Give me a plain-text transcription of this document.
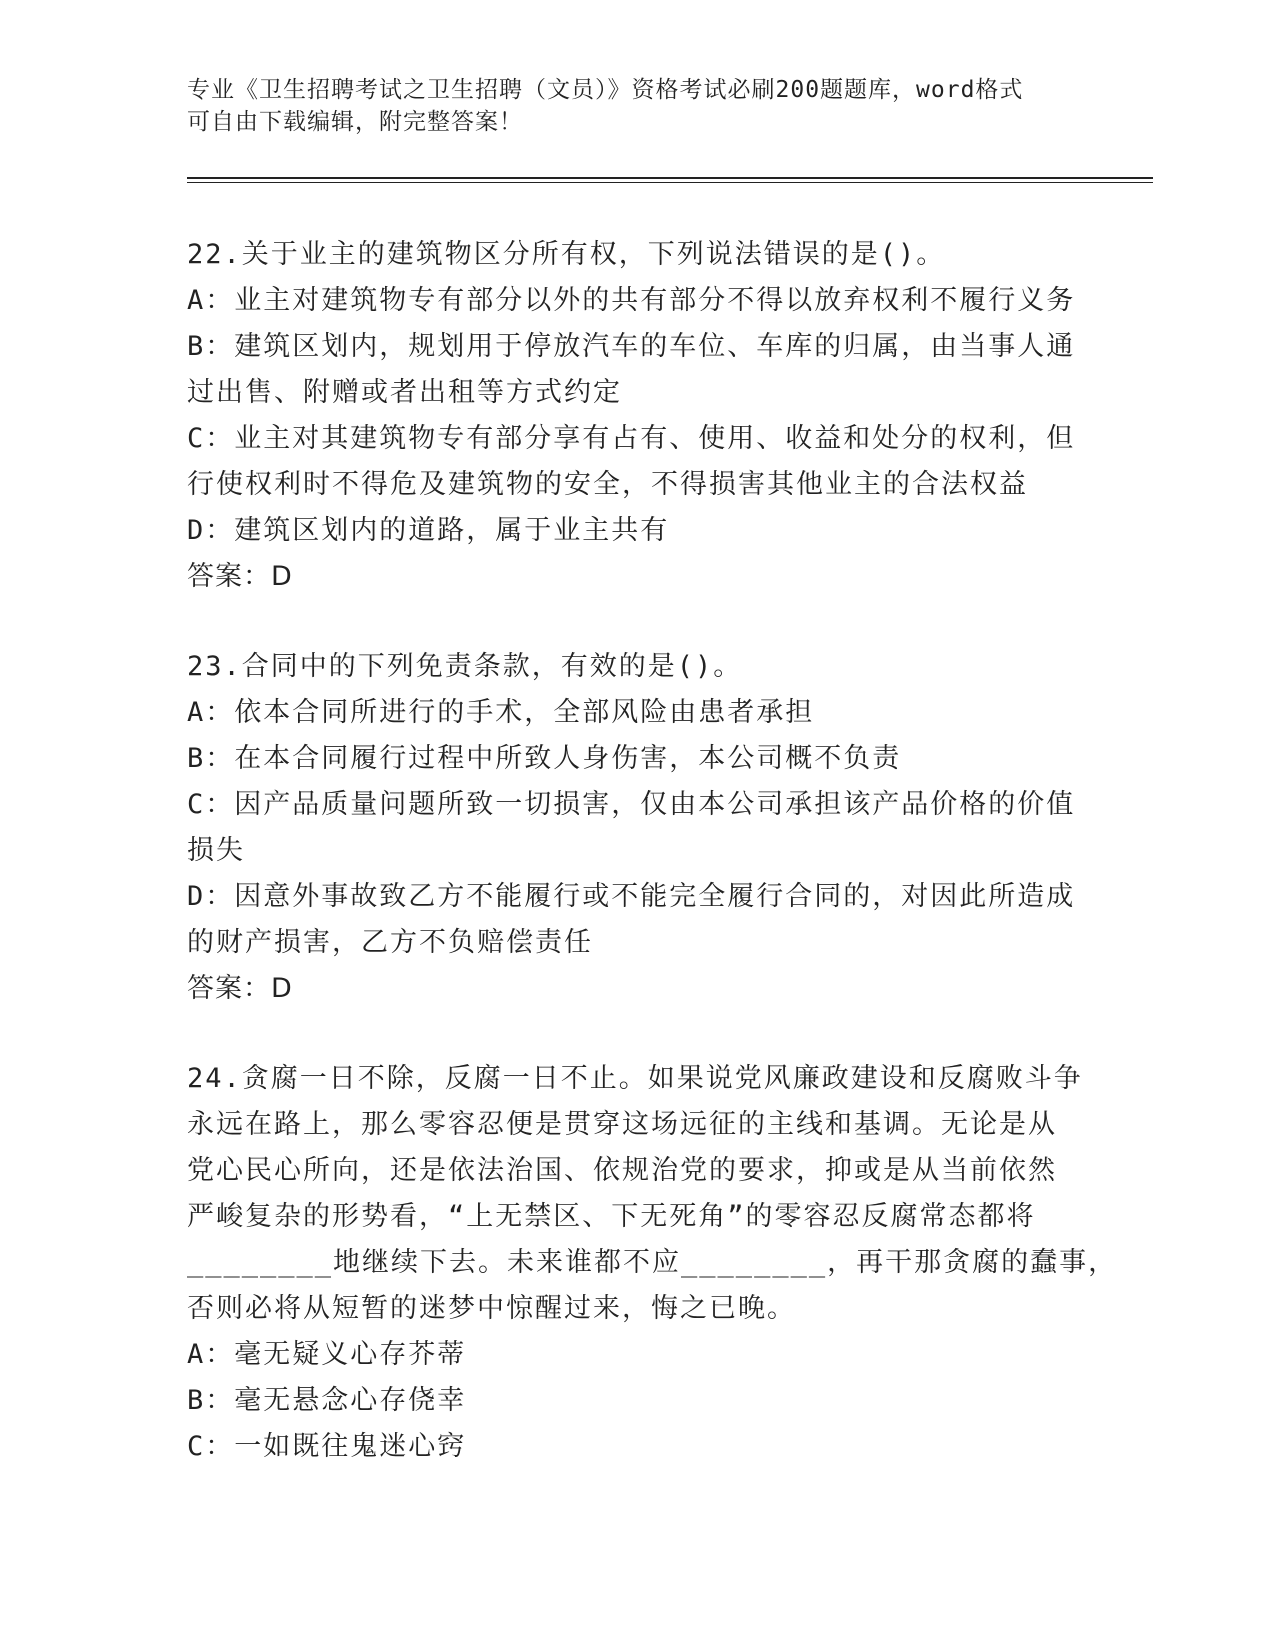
专业《卫生招聘考试之卫生招聘（文员）》资格考试必刷200题题库，word格式
可自由下载编辑，附完整答案！
22.关于业主的建筑物区分所有权，下列说法错误的是()。
A：业主对建筑物专有部分以外的共有部分不得以放弃权利不履行义务
B：建筑区划内，规划用于停放汽车的车位、车库的归属，由当事人通
过出售、附赠或者出租等方式约定
C：业主对其建筑物专有部分享有占有、使用、收益和处分的权利，但
行使权利时不得危及建筑物的安全，不得损害其他业主的合法权益
D：建筑区划内的道路，属于业主共有
答案：D
23.合同中的下列免责条款，有效的是()。
A：依本合同所进行的手术，全部风险由患者承担
B：在本合同履行过程中所致人身伤害，本公司概不负责
C：因产品质量问题所致一切损害，仅由本公司承担该产品价格的价值
损失
D：因意外事故致乙方不能履行或不能完全履行合同的，对因此所造成
的财产损害，乙方不负赔偿责任
答案：D
24.贪腐一日不除，反腐一日不止。如果说党风廉政建设和反腐败斗争
永远在路上，那么零容忍便是贯穿这场远征的主线和基调。无论是从
党心民心所向，还是依法治国、依规治党的要求，抑或是从当前依然
严峻复杂的形势看，“上无禁区、下无死角”的零容忍反腐常态都将
________地继续下去。未来谁都不应________，再干那贪腐的蠢事，
否则必将从短暂的迷梦中惊醒过来，悔之已晚。
A：毫无疑义心存芥蒂
B：毫无悬念心存侥幸
C：一如既往鬼迷心窍
